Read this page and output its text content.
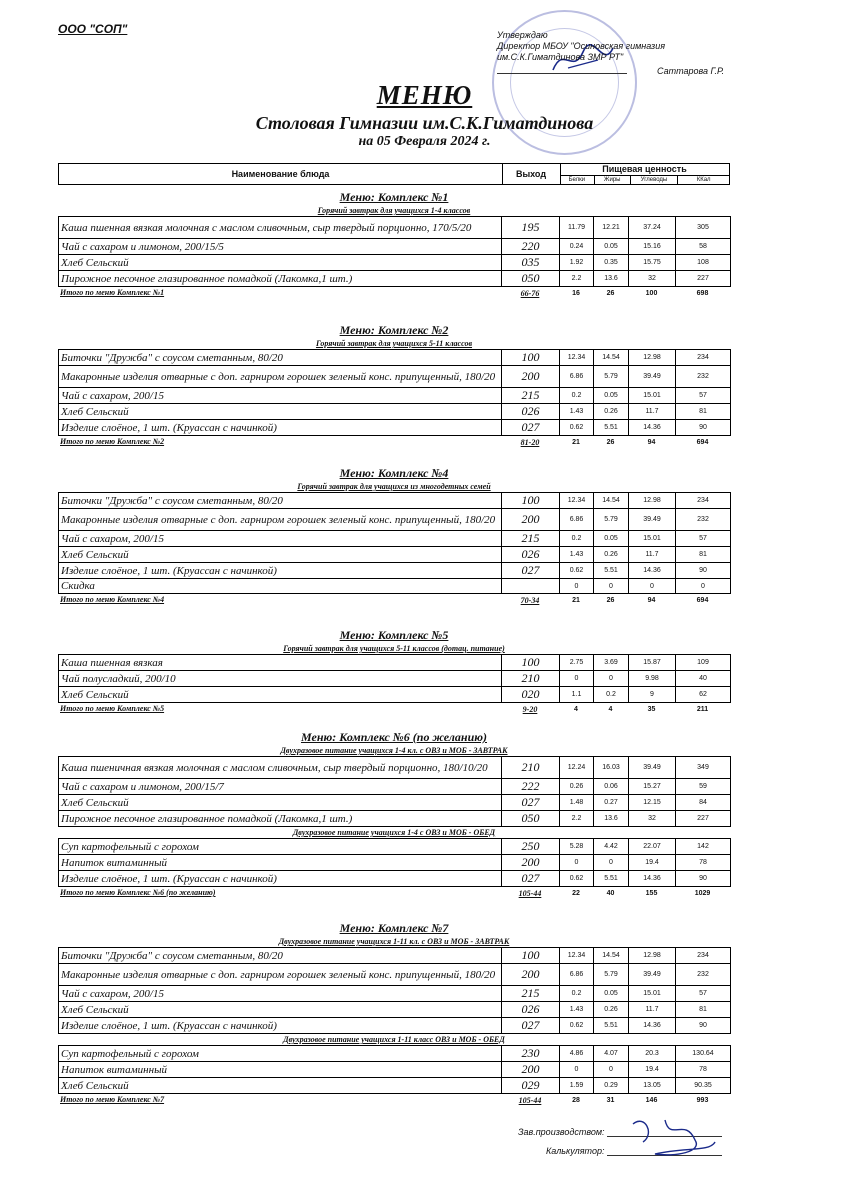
ООО "СОП"	Утверждаю
Директор МБОУ "Осиновская гимназия
им.С.К.Гиматдинова ЗМР РТ"
Саттарова Г.Р.
МЕНЮ
Столовая Гимназии им.С.К.Гиматдинова
на 05 Февраля 2024 г.
Наименование блюда	Выход	Пищевая ценность
Белки	Жиры	Углеводы	ККал
Меню: Комплекс №1
Горячий завтрак для учащихся 1-4 классов
Каша пшенная вязкая молочная с маслом сливочным, сыр твердый порционно, 170/5/20	195	11.79	12.21	37.24	305
Чай с сахаром и лимоном, 200/15/5	220	0.24	0.05	15.16	58
Хлеб Сельский	035	1.92	0.35	15.75	108
Пирожное песочное глазированное помадкой (Лакомка,1 шт.)	050	2.2	13.6	32	227
Итого по меню Комплекс №1	66-76	16	26	100	698
Меню: Комплекс №2
Горячий завтрак для учащихся 5-11 классов
Биточки "Дружба" с соусом сметанным, 80/20	100	12.34	14.54	12.98	234
Макаронные изделия отварные с доп. гарниром горошек зеленый конс. припущенный, 180/20	200	6.86	5.79	39.49	232
Чай с сахаром, 200/15	215	0.2	0.05	15.01	57
Хлеб Сельский	026	1.43	0.26	11.7	81
Изделие слоёное, 1 шт. (Круассан с начинкой)	027	0.62	5.51	14.36	90
Итого по меню Комплекс №2	81-20	21	26	94	694
Меню: Комплекс №4
Горячий завтрак для учащихся из многодетных семей
Биточки "Дружба" с соусом сметанным, 80/20	100	12.34	14.54	12.98	234
Макаронные изделия отварные с доп. гарниром горошек зеленый конс. припущенный, 180/20	200	6.86	5.79	39.49	232
Чай с сахаром, 200/15	215	0.2	0.05	15.01	57
Хлеб Сельский	026	1.43	0.26	11.7	81
Изделие слоёное, 1 шт. (Круассан с начинкой)	027	0.62	5.51	14.36	90
Скидка		0	0	0	0
Итого по меню Комплекс №4	70-34	21	26	94	694
Меню: Комплекс №5
Горячий завтрак для учащихся 5-11 классов (дотац. питание)
Каша пшенная вязкая	100	2.75	3.69	15.87	109
Чай полусладкий, 200/10	210	0	0	9.98	40
Хлеб Сельский	020	1.1	0.2	9	62
Итого по меню Комплекс №5	9-20	4	4	35	211
Меню: Комплекс №6 (по желанию)
Двухразовое питание учащихся 1-4 кл. с ОВЗ и МОБ - ЗАВТРАК
Каша пшеничная вязкая молочная с маслом сливочным, сыр твердый порционно, 180/10/20	210	12.24	16.03	39.49	349
Чай с сахаром и лимоном, 200/15/7	222	0.26	0.06	15.27	59
Хлеб Сельский	027	1.48	0.27	12.15	84
Пирожное песочное глазированное помадкой (Лакомка,1 шт.)	050	2.2	13.6	32	227
Двухразовое питание учащихся 1-4 с ОВЗ и МОБ - ОБЕД
Суп картофельный с горохом	250	5.28	4.42	22.07	142
Напиток витаминный	200	0	0	19.4	78
Изделие слоёное, 1 шт. (Круассан с начинкой)	027	0.62	5.51	14.36	90
Итого по меню Комплекс №6 (по желанию)	105-44	22	40	155	1029
Меню: Комплекс №7
Двухразовое питание учащихся 1-11 кл. с ОВЗ и МОБ - ЗАВТРАК
Биточки "Дружба" с соусом сметанным, 80/20	100	12.34	14.54	12.98	234
Макаронные изделия отварные с доп. гарниром горошек зеленый конс. припущенный, 180/20	200	6.86	5.79	39.49	232
Чай с сахаром, 200/15	215	0.2	0.05	15.01	57
Хлеб Сельский	026	1.43	0.26	11.7	81
Изделие слоёное, 1 шт. (Круассан с начинкой)	027	0.62	5.51	14.36	90
Двухразовое питание учащихся 1-11 класс ОВЗ и МОБ - ОБЕД
Суп картофельный с горохом	230	4.86	4.07	20.3	130.64
Напиток витаминный	200	0	0	19.4	78
Хлеб Сельский	029	1.59	0.29	13.05	90.35
Итого по меню Комплекс №7	105-44	28	31	146	993
Зав.производством:
Калькулятор:
